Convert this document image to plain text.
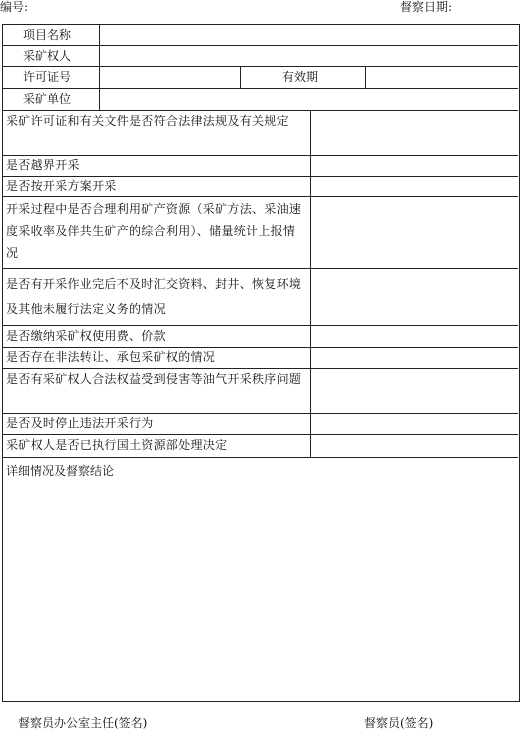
编号:	督察日期:
项目名称
采矿权人
许可证号	有效期
采矿单位
采矿许可证和有关文件是否符合法律法规及有关规定
是否越界开采
是否按开采方案开采
开采过程中是否合理利用矿产资源（采矿方法、采油速度采收率及伴共生矿产的综合利用）、储量统计上报情况
是否有开采作业完后不及时汇交资料、封井、恢复环境及其他未履行法定义务的情况
是否缴纳采矿权使用费、价款
是否存在非法转让、承包采矿权的情况
是否有采矿权人合法权益受到侵害等油气开采秩序问题
是否及时停止违法开采行为
采矿权人是否已执行国土资源部处理决定
详细情况及督察结论
督察员办公室主任(签名)	督察员(签名)
